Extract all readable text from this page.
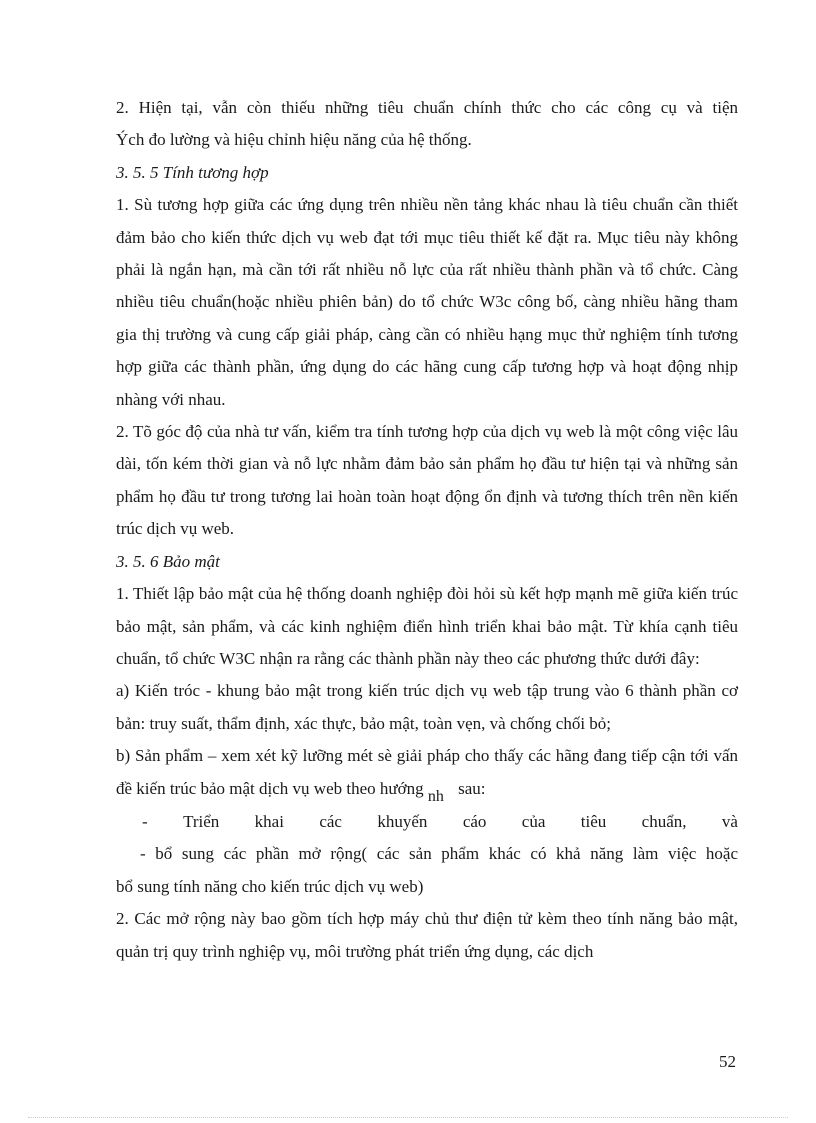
2. Hiện tại, vẫn còn thiếu những tiêu chuẩn chính thức cho các công cụ và tiện

Ých đo lường và hiệu chỉnh hiệu năng của hệ thống.

3. 5. 5 Tính tương hợp

1. Sù tương hợp giữa các ứng dụng trên nhiều nền tảng khác nhau là tiêu chuẩn cần thiết đảm bảo cho kiến thức dịch vụ web đạt tới mục tiêu thiết kế đặt ra. Mục tiêu này không phải là ngắn hạn, mà cần tới rất nhiều nỗ lực của rất nhiều thành phần và tổ chức. Càng nhiều tiêu chuẩn(hoặc nhiều phiên bản) do tổ chức W3c công bố, càng nhiều hãng tham gia thị trường và cung cấp giải pháp, càng cần có nhiều hạng mục thử nghiệm tính tương hợp giữa các thành phần, ứng dụng do các hãng cung cấp tương hợp và hoạt động nhịp nhàng với nhau.

2. Tõ góc độ của nhà tư vấn, kiểm tra tính tương hợp của dịch vụ web là một công việc lâu dài, tốn kém thời gian và nỗ lực nhằm đảm bảo sản phẩm họ đầu tư hiện tại và những sản phẩm họ đầu tư trong tương lai hoàn toàn hoạt động ổn định và tương thích trên nền kiến trúc dịch vụ web.

3. 5. 6 Bảo mật

1. Thiết lập bảo mật của hệ thống doanh nghiệp đòi hỏi sù kết hợp mạnh mẽ giữa kiến trúc bảo mật, sản phẩm, và các kinh nghiệm điển hình triển khai bảo mật. Từ khía cạnh tiêu chuẩn, tổ chức W3C nhận ra rằng các thành phần này theo các phương thức dưới đây:

a) Kiến tróc - khung bảo mật trong kiến trúc dịch vụ web tập trung vào 6 thành phần cơ bản: truy suất, thẩm định, xác thực, bảo mật, toàn vẹn, và chống chối bỏ;

b) Sản phẩm – xem xét kỹ lưỡng mét sè giải pháp cho thấy các hãng đang tiếp cận tới vấn đề kiến trúc bảo mật dịch vụ web theo hướng nh sau:

- Triển khai các khuyến cáo của tiêu chuẩn, và

- bổ sung các phần mở rộng( các sản phẩm khác có khả năng làm việc hoặc

bổ sung tính năng cho kiến trúc dịch vụ web)

2. Các mở rộng này bao gồm tích hợp máy chủ thư điện tử kèm theo tính năng bảo mật, quản trị quy trình nghiệp vụ, môi trường phát triển ứng dụng, các dịch

52
